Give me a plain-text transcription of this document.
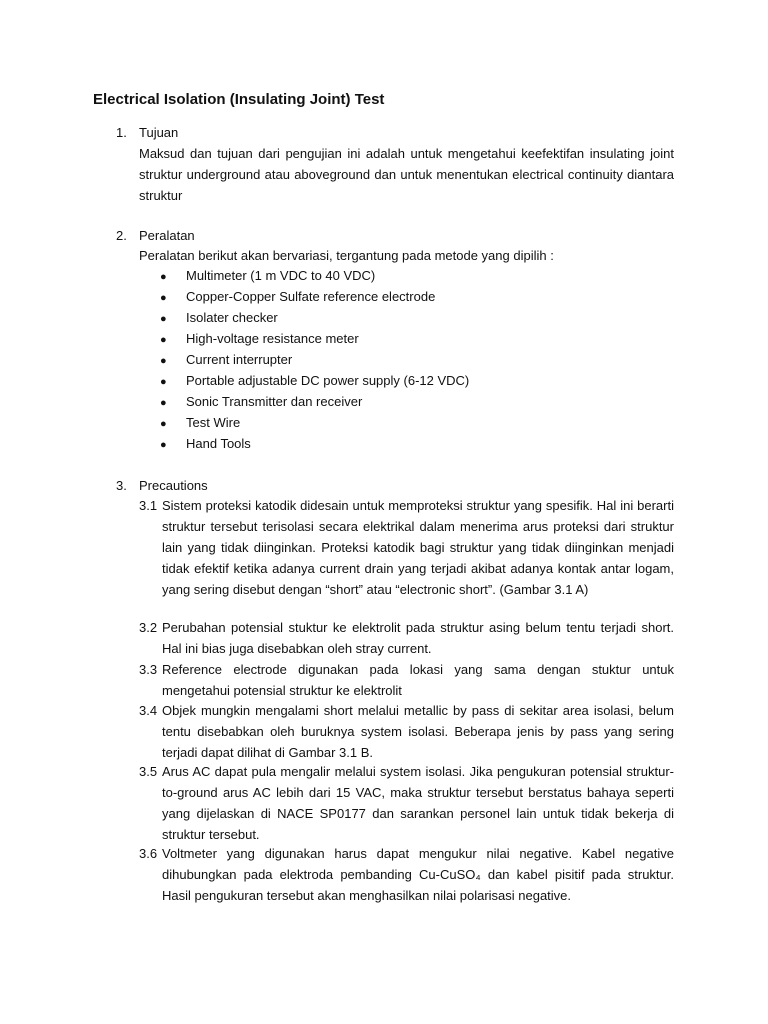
Electrical Isolation (Insulating Joint) Test
1. Tujuan
Maksud dan tujuan dari pengujian ini adalah untuk mengetahui keefektifan insulating joint struktur underground atau aboveground dan untuk menentukan electrical continuity diantara struktur
2. Peralatan
Peralatan berikut akan bervariasi, tergantung pada metode yang dipilih :
● Multimeter (1 m VDC to 40 VDC)
● Copper-Copper Sulfate reference electrode
● Isolater checker
● High-voltage resistance meter
● Current interrupter
● Portable adjustable DC power supply (6-12 VDC)
● Sonic Transmitter dan receiver
● Test Wire
● Hand Tools
3. Precautions
3.1 Sistem proteksi katodik didesain untuk memproteksi struktur yang spesifik. Hal ini berarti struktur tersebut terisolasi secara elektrikal dalam menerima arus proteksi dari struktur lain yang tidak diinginkan. Proteksi katodik bagi struktur yang tidak diinginkan menjadi tidak efektif ketika adanya current drain yang terjadi akibat adanya kontak antar logam, yang sering disebut dengan “short” atau “electronic short”. (Gambar 3.1 A)
3.2 Perubahan potensial stuktur ke elektrolit pada struktur asing belum tentu terjadi short. Hal ini bias juga disebabkan oleh stray current.
3.3 Reference electrode digunakan pada lokasi yang sama dengan stuktur untuk mengetahui potensial struktur ke elektrolit
3.4 Objek mungkin mengalami short melalui metallic by pass di sekitar area isolasi, belum tentu disebabkan oleh buruknya system isolasi. Beberapa jenis by pass yang sering terjadi dapat dilihat di Gambar 3.1 B.
3.5 Arus AC dapat pula mengalir melalui system isolasi. Jika pengukuran potensial struktur-to-ground arus AC lebih dari 15 VAC, maka struktur tersebut berstatus bahaya seperti yang dijelaskan di NACE SP0177 dan sarankan personel lain untuk tidak bekerja di struktur tersebut.
3.6 Voltmeter yang digunakan harus dapat mengukur nilai negative. Kabel negative dihubungkan pada elektroda pembanding Cu-CuSO₄ dan kabel pisitif pada struktur. Hasil pengukuran tersebut akan menghasilkan nilai polarisasi negative.
